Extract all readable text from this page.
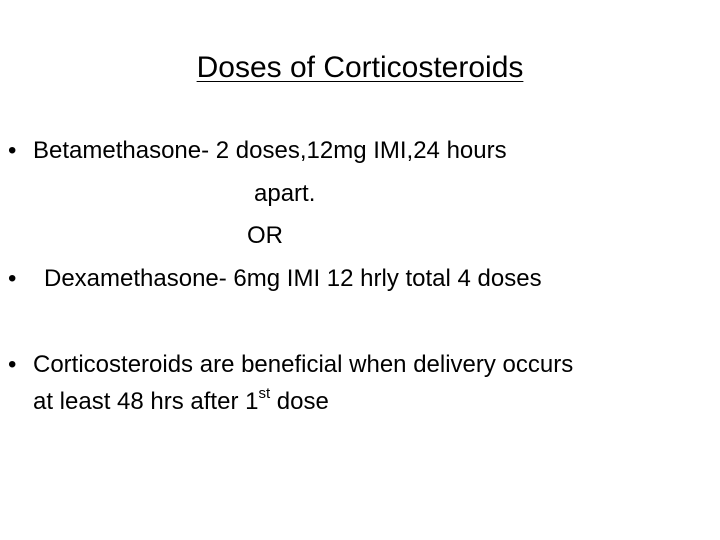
Doses of Corticosteroids
• Betamethasone- 2 doses,12mg IMI,24 hours
apart.
OR
• Dexamethasone- 6mg IMI 12 hrly total 4 doses
• Corticosteroids are beneficial when delivery occurs
at least 48 hrs after 1st dose
